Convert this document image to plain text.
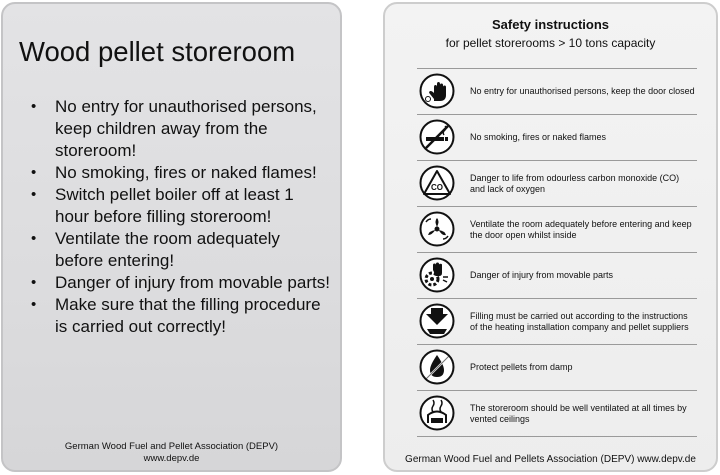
Wood pellet storeroom
• No entry for unauthorised persons, keep children away from the storeroom!
• No smoking, fires or naked flames!
• Switch pellet boiler off at least 1 hour before filling storeroom!
• Ventilate the room adequately before entering!
• Danger of injury from movable parts!
• Make sure that the filling procedure is carried out correctly!
German Wood Fuel and Pellet Association (DEPV)
www.depv.de
Safety instructions
for pellet storerooms > 10 tons capacity
No entry for unauthorised persons, keep the door closed
No smoking, fires or naked flames
CO
Danger to life from odourless carbon monoxide (CO) and lack of oxygen
Ventilate the room adequately before entering and keep the door open whilst inside
Danger of injury from movable parts
Filling must be carried out according to the instructions of the heating installation company and pellet suppliers
Protect pellets from damp
The storeroom should be well ventilated at all times by vented ceilings
German Wood Fuel and Pellets Association (DEPV) www.depv.de
